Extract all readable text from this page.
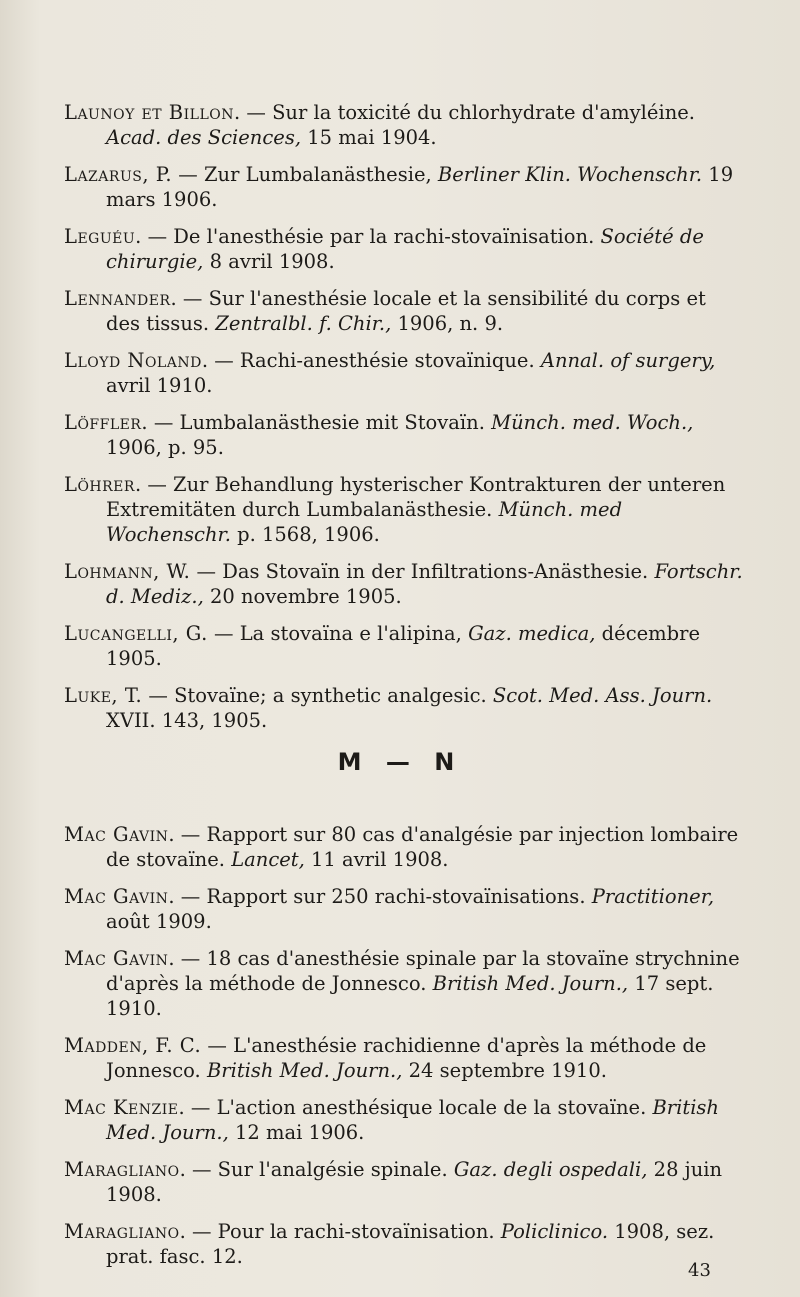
Launoy et Billon. — Sur la toxicité du chlorhydrate d'amyléine. Acad. des Sciences, 15 mai 1904.
Lazarus, P. — Zur Lumbalanästhesie, Berliner Klin. Wochenschr. 19 mars 1906.
Leguéu. — De l'anesthésie par la rachi-stovaïnisation. Société de chirurgie, 8 avril 1908.
Lennander. — Sur l'anesthésie locale et la sensibilité du corps et des tissus. Zentralbl. f. Chir., 1906, n. 9.
Lloyd Noland. — Rachi-anesthésie stovaïnique. Annal. of surgery, avril 1910.
Löffler. — Lumbalanästhesie mit Stovaïn. Münch. med. Woch., 1906, p. 95.
Löhrer. — Zur Behandlung hysterischer Kontrakturen der unteren Extremitäten durch Lumbalanästhesie. Münch. med Wochenschr. p. 1568, 1906.
Lohmann, W. — Das Stovaïn in der Infiltrations-Anästhesie. Fortschr. d. Mediz., 20 novembre 1905.
Lucangelli, G. — La stovaïna e l'alipina, Gaz. medica, décembre 1905.
Luke, T. — Stovaïne; a synthetic analgesic. Scot. Med. Ass. Journ. XVII. 143, 1905.
M — N
Mac Gavin. — Rapport sur 80 cas d'analgésie par injection lombaire de stovaïne. Lancet, 11 avril 1908.
Mac Gavin. — Rapport sur 250 rachi-stovaïnisations. Practitioner, août 1909.
Mac Gavin. — 18 cas d'anesthésie spinale par la stovaïne strychnine d'après la méthode de Jonnesco. British Med. Journ., 17 sept. 1910.
Madden, F. C. — L'anesthésie rachidienne d'après la méthode de Jonnesco. British Med. Journ., 24 septembre 1910.
Mac Kenzie. — L'action anesthésique locale de la stovaïne. British Med. Journ., 12 mai 1906.
Maragliano. — Sur l'analgésie spinale. Gaz. degli ospedali, 28 juin 1908.
Maragliano. — Pour la rachi-stovaïnisation. Policlinico. 1908, sez. prat. fasc. 12.
43
